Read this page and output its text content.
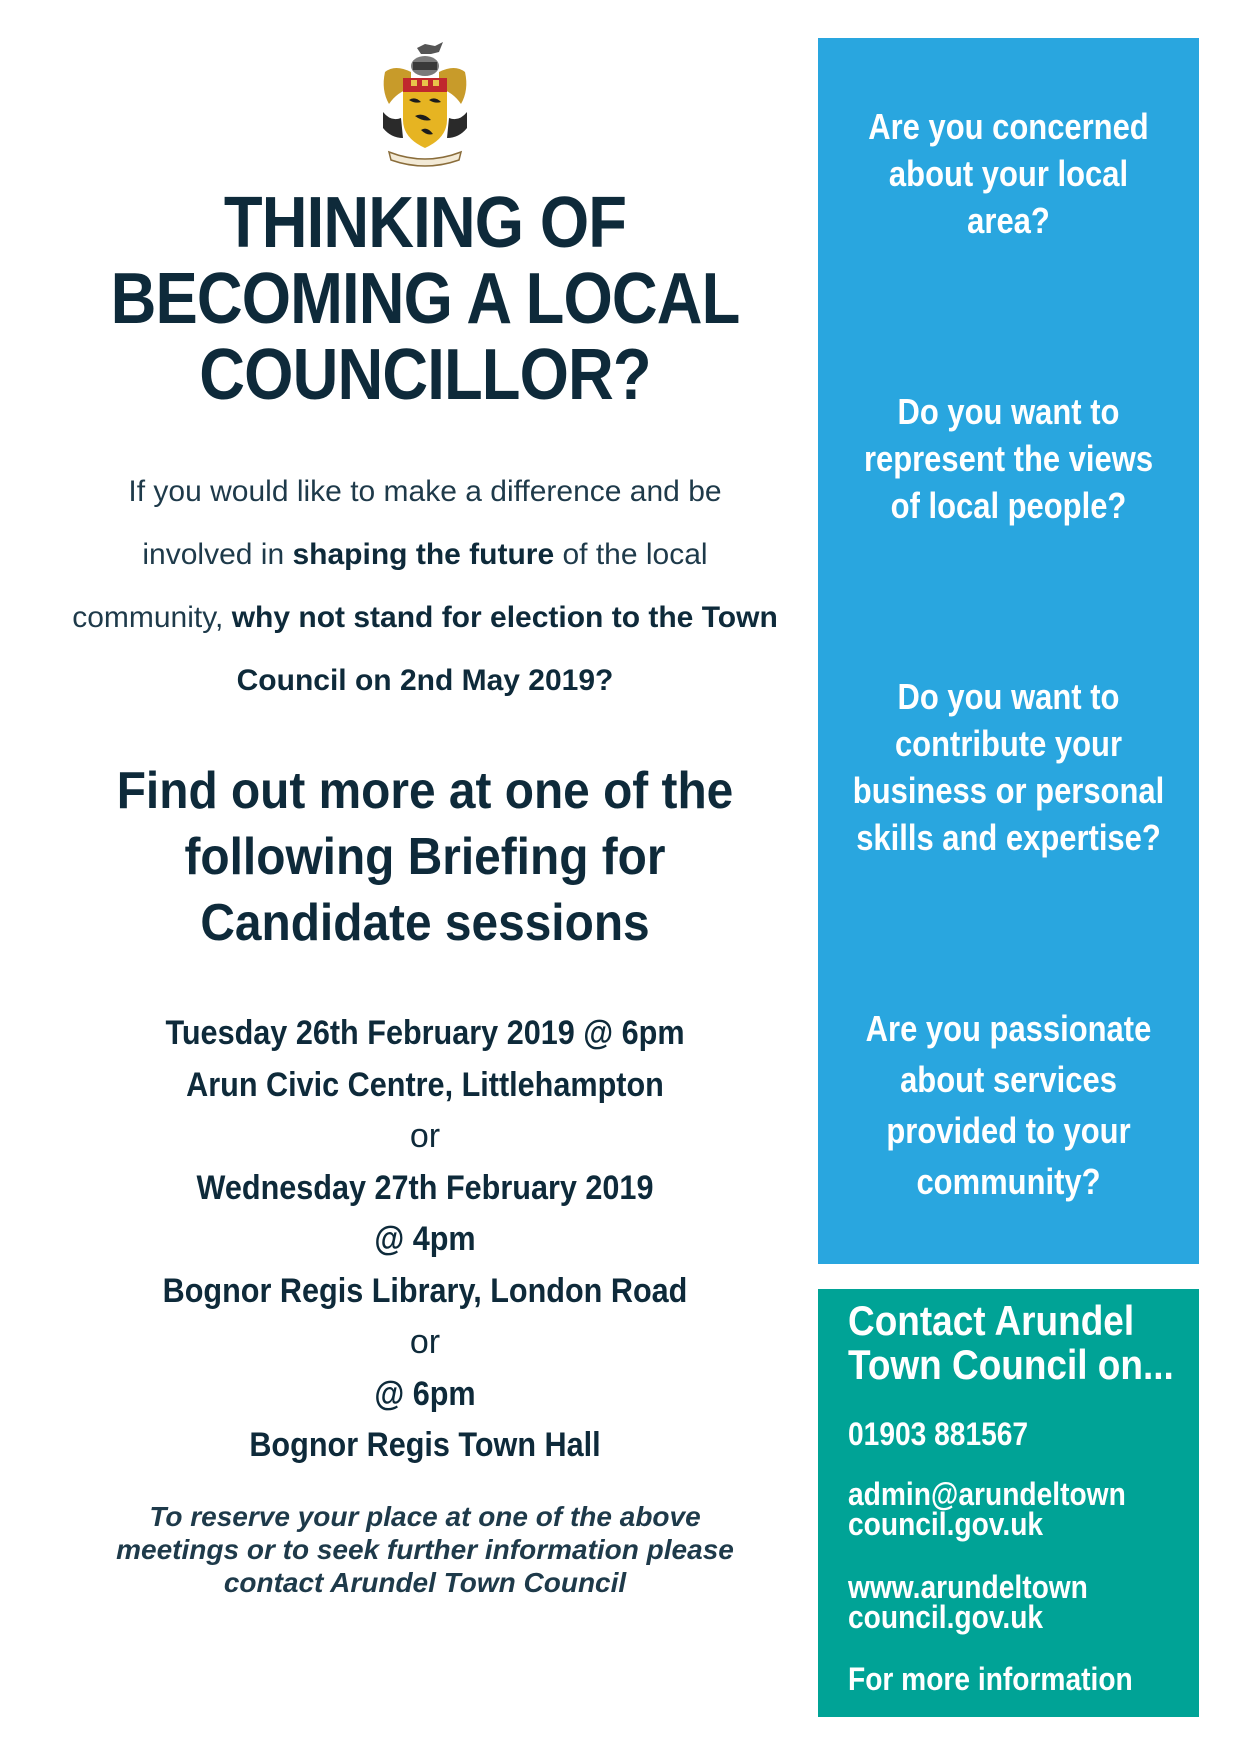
THINKING OF
BECOMING A LOCAL
COUNCILLOR?
If you would like to make a difference and be
involved in shaping the future of the local
community, why not stand for election to the Town
Council on 2nd May 2019?
Find out more at one of the
following Briefing for
Candidate sessions
Tuesday 26th February 2019 @ 6pm
Arun Civic Centre, Littlehampton
or
Wednesday 27th February 2019
@ 4pm
Bognor Regis Library, London Road
or
@ 6pm
Bognor Regis Town Hall
To reserve your place at one of the above
meetings or to seek further information please
contact Arundel Town Council
Are you concerned
about your local
area?
Do you want to
represent the views
of local people?
Do you want to
contribute your
business or personal
skills and expertise?
Are you passionate
about services
provided to your
community?
Contact Arundel
Town Council on...
01903 881567
admin@arundeltown
council.gov.uk
www.arundeltown
council.gov.uk
For more information
